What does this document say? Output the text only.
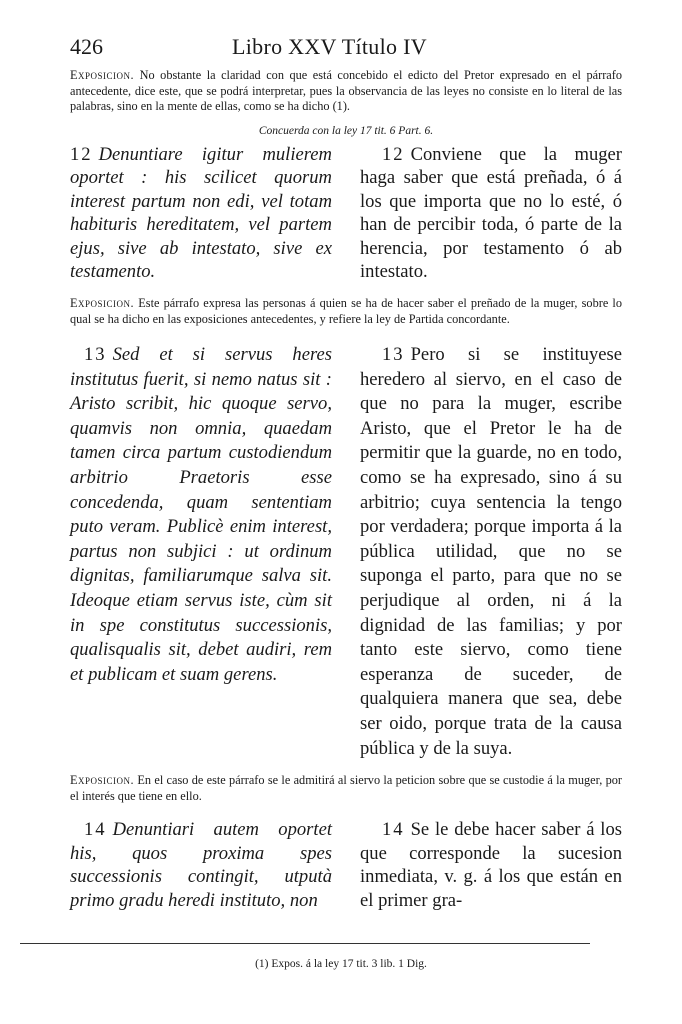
426	Libro XXV Título IV

Exposicion. No obstante la claridad con que está concebido el edicto del Pretor expresado en el párrafo antecedente, dice este, que se podrá interpretar, pues la observancia de las leyes no consiste en lo literal de las palabras, sino en la mente de ellas, como se ha dicho (1).

Concuerda con la ley 17 tit. 6 Part. 6.

12 Denuntiare igitur mulierem oportet : his scilicet quorum interest partum non edi, vel totam habituris hereditatem, vel partem ejus, sive ab intestato, sive ex testamento.

12 Conviene que la muger haga saber que está preñada, ó á los que importa que no lo esté, ó han de percibir toda, ó parte de la herencia, por testamento ó ab intestato.

Exposicion. Este párrafo expresa las personas á quien se ha de hacer saber el preñado de la muger, sobre lo qual se ha dicho en las exposiciones antecedentes, y refiere la ley de Partida concordante.

13 Sed et si servus heres institutus fuerit, si nemo natus sit : Aristo scribit, hic quoque servo, quamvis non omnia, quaedam tamen circa partum custodiendum arbitrio Praetoris esse concedenda, quam sententiam puto veram. Publicè enim interest, partus non subjici : ut ordinum dignitas, familiarumque salva sit. Ideoque etiam servus iste, cùm sit in spe constitutus successionis, qualisqualis sit, debet audiri, rem et publicam et suam gerens.

13 Pero si se instituyese heredero al siervo, en el caso de que no para la muger, escribe Aristo, que el Pretor le ha de permitir que la guarde, no en todo, como se ha expresado, sino á su arbitrio; cuya sentencia la tengo por verdadera; porque importa á la pública utilidad, que no se suponga el parto, para que no se perjudique al orden, ni á la dignidad de las familias; y por tanto este siervo, como tiene esperanza de suceder, de qualquiera manera que sea, debe ser oido, porque trata de la causa pública y de la suya.

Exposicion. En el caso de este párrafo se le admitirá al siervo la peticion sobre que se custodie á la muger, por el interés que tiene en ello.

14 Denuntiari autem oportet his, quos proxima spes successionis contingit, utputà primo gradu heredi instituto, non

14 Se le debe hacer saber á los que corresponde la sucesion inmediata, v. g. á los que están en el primer gra-

(1) Expos. á la ley 17 tit. 3 lib. 1 Dig.
